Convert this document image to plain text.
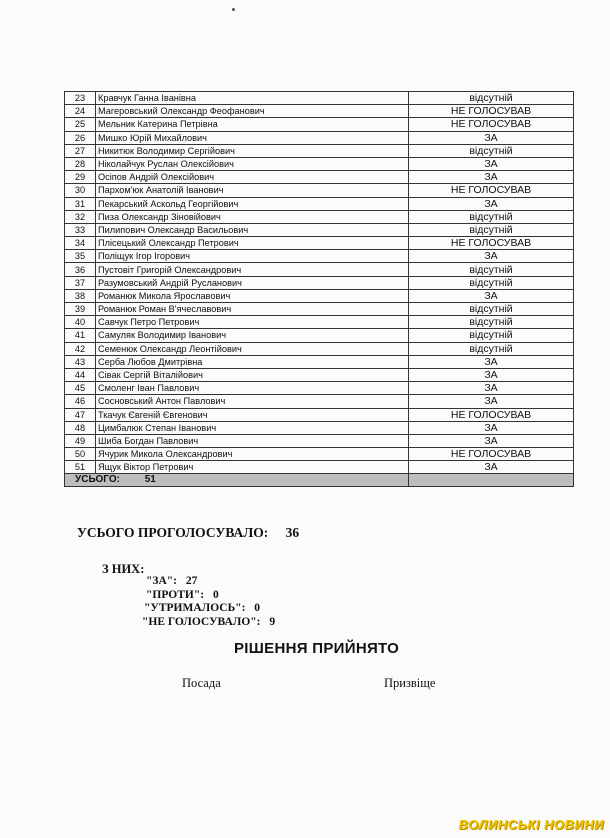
23	Кравчук Ганна Іванівна	відсутній
24	Магеровський Олександр Феофанович	НЕ ГОЛОСУВАВ
25	Мельник Катерина Петрівна	НЕ ГОЛОСУВАВ
26	Мишко Юрій Михайлович	ЗА
27	Никитюк Володимир Сергійович	відсутній
28	Ніколайчук Руслан Олексійович	ЗА
29	Осіпов Андрій Олексійович	ЗА
30	Пархом'юк Анатолій Іванович	НЕ ГОЛОСУВАВ
31	Пекарський Аскольд Георгійович	ЗА
32	Пиза Олександр Зіновійович	відсутній
33	Пилипович Олександр Васильович	відсутній
34	Плісецький Олександр Петрович	НЕ ГОЛОСУВАВ
35	Поліщук Ігор Ігорович	ЗА
36	Пустовіт Григорій Олександрович	відсутній
37	Разумовський Андрій Русланович	відсутній
38	Романюк Микола Ярославович	ЗА
39	Романюк Роман В'ячеславович	відсутній
40	Савчук Петро Петрович	відсутній
41	Самуляк Володимир Іванович	відсутній
42	Семенюк Олександр Леонтійович	відсутній
43	Серба Любов Дмитрівна	ЗА
44	Сівак Сергій Віталійович	ЗА
45	Смоленг Іван Павлович	ЗА
46	Сосновський Антон Павлович	ЗА
47	Ткачук Євгеній Євгенович	НЕ ГОЛОСУВАВ
48	Цимбалюк Степан Іванович	ЗА
49	Шиба Богдан Павлович	ЗА
50	Ячурик Микола Олександрович	НЕ ГОЛОСУВАВ
51	Ящук Віктор Петрович	ЗА
УСЬОГО: 51		
УСЬОГО ПРОГОЛОСУВАЛО: 36
З НИХ:
"ЗА": 27
"ПРОТИ": 0
"УТРИМАЛОСЬ": 0
"НЕ ГОЛОСУВАЛО": 9
РІШЕННЯ ПРИЙНЯТО
Посада	Призвіще
ВОЛИНСЬКІ НОВИНИ
